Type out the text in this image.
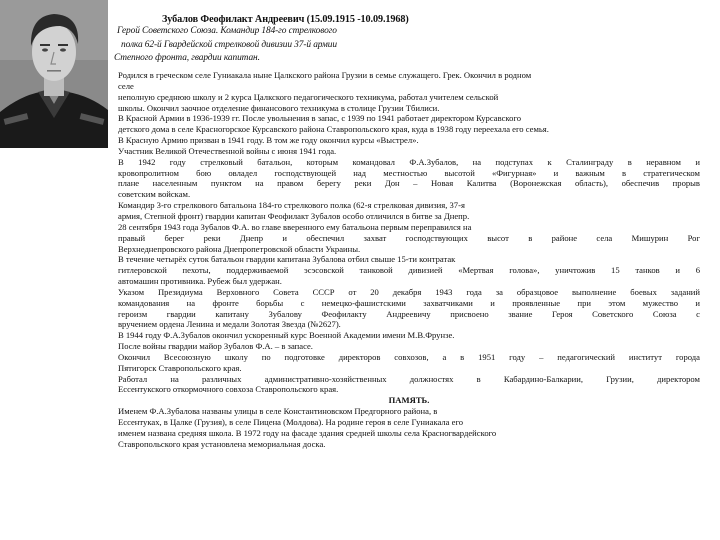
Зубалов Феофилакт Андреевич (15.09.1915 -10.09.1968)
Герой Советского Союза. Командир 184-го стрелкового
полка 62-й Гвардейской стрелковой дивизии 37-й армии
Степного фронта, гвардии капитан.
Родился в греческом селе Гуниакала ныне Цалкского района Грузии в семье служащего. Грек. Окончил в родном
селе
неполную среднюю школу и 2 курса Цалкского педагогического техникума, работал учителем сельской
школы. Окончил заочное отделение финансового техникума в столице Грузии Тбилиси.
В Красной Армии в 1936-1939 гг. После увольнения в запас, с 1939 по 1941 работает директором Курсавского
детского дома в селе Красногорское Курсавского района Ставропольского края, куда в 1938 году переехала его семья.
В Красную Армию призван в 1941 году. В том же году окончил курсы «Выстрел».
Участник Великой Отечественной войны с июня 1941 года.
В 1942 году стрелковый батальон, которым командовал Ф.А.Зубалов, на подступах к Сталинграду в неравном и
кровопролитном бою овладел господствующей над местностью высотой «Фигурная» и важным в стратегическом
плане населенным пунктом на правом берегу реки Дон – Новая Калитва (Воронежская область), обеспечив прорыв
советским войскам.
Командир 3-го стрелкового батальона 184-го стрелкового полка (62-я стрелковая дивизия, 37-я
армия, Степной фронт) гвардии капитан Феофилакт Зубалов особо отличился в битве за Днепр.
28 сентября 1943 года Зубалов Ф.А. во главе вверенного ему батальона первым переправился на
правый берег реки Днепр и обеспечил захват господствующих высот в районе села Мишурин Рог
Верхнеднепровского района Днепропетровской области Украины.
В течение четырёх суток батальон гвардии капитана Зубалова отбил свыше 15-ти контратак
гитлеровской пехоты, поддерживаемой эсэсовской танковой дивизией «Мертвая голова», уничтожив 15 танков и 6
автомашин противника. Рубеж был удержан.
Указом Президиума Верховного Совета СССР от 20 декабря 1943 года за образцовое выполнение боевых заданий
командования на фронте борьбы с немецко-фашистскими захватчиками и проявленные при этом мужество и
героизм гвардии капитану Зубалову Феофилакту Андреевичу присвоено звание Героя Советского Союза с
вручением ордена Ленина и медали Золотая Звезда (№2627).
В 1944 году Ф.А.Зубалов окончил ускоренный курс Военной Академии имени М.В.Фрунзе.
После войны гвардии майор Зубалов Ф.А. – в запасе.
Окончил Всесоюзную школу по подготовке директоров совхозов, а в 1951 году – педагогический институт города
Пятигорск Ставропольского края.
Работал на различных административно-хозяйственных должностях в Кабардино-Балкарии, Грузии, директором
Ессентукского откормочного совхоза Ставропольского края.
ПАМЯТЬ.
Именем Ф.А.Зубалова названы улицы в селе Константиновском Предгорного района, в
Ессентуках, в Цалке (Грузия), в селе Пицена (Молдова). На родине героя в селе Гуниакала его
именем названа средняя школа. В 1972 году на фасаде здания средней школы села Красногвардейского
Ставропольского края установлена мемориальная доска.
